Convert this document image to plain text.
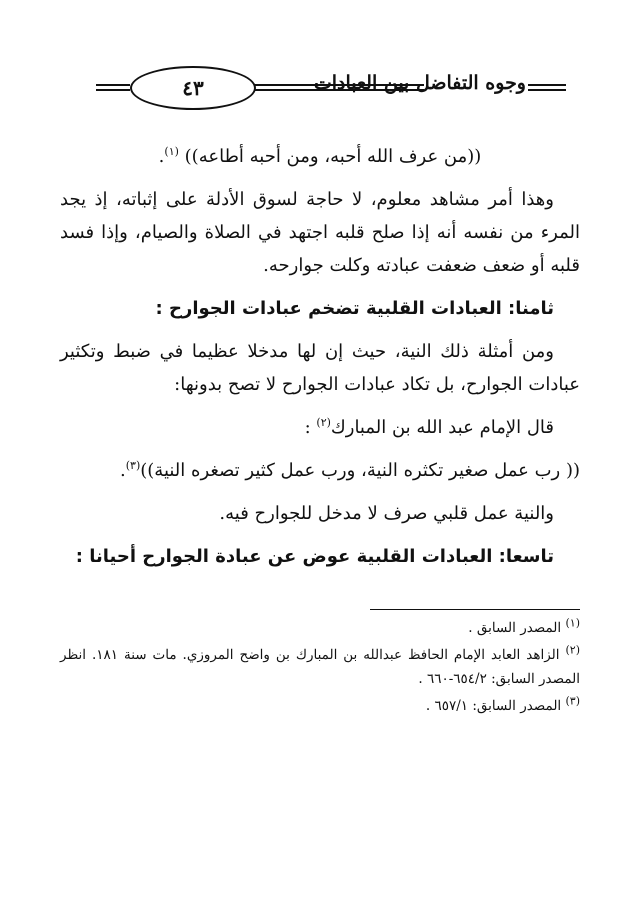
٤٣	وجوه التفاضل بين العبادات

((من عرف الله أحبه، ومن أحبه أطاعه)) $^{(١)}$.

وهذا أمر مشاهد معلوم، لا حاجة لسوق الأدلة على إثباته، إذ يجد المرء من نفسه أنه إذا صلح قلبه اجتهد في الصلاة والصيام، وإذا فسد قلبه أو ضعف ضعفت عبادته وكلت جوارحه.

ثامنا: العبادات القلبية تضخم عبادات الجوارح :

ومن أمثلة ذلك النية، حيث إن لها مدخلا عظيما في ضبط وتكثير عبادات الجوارح، بل تكاد عبادات الجوارح لا تصح بدونها:

قال الإمام عبد الله بن المبارك$^{(٢)}$ :

(( رب عمل صغير تكثره النية، ورب عمل كثير تصغره النية))$^{(٣)}$.

والنية عمل قلبي صرف لا مدخل للجوارح فيه.

تاسعا: العبادات القلبية عوض عن عبادة الجوارح أحيانا :

$^{(١)}$ المصدر السابق .

$^{(٢)}$ الزاهد العابد الإمام الحافظ عبدالله بن المبارك بن واضح المروزي. مات سنة ١٨١. انظر المصدر السابق: ٦٥٤/٢-٦٦٠ .

$^{(٣)}$ المصدر السابق: ٦٥٧/١ .
